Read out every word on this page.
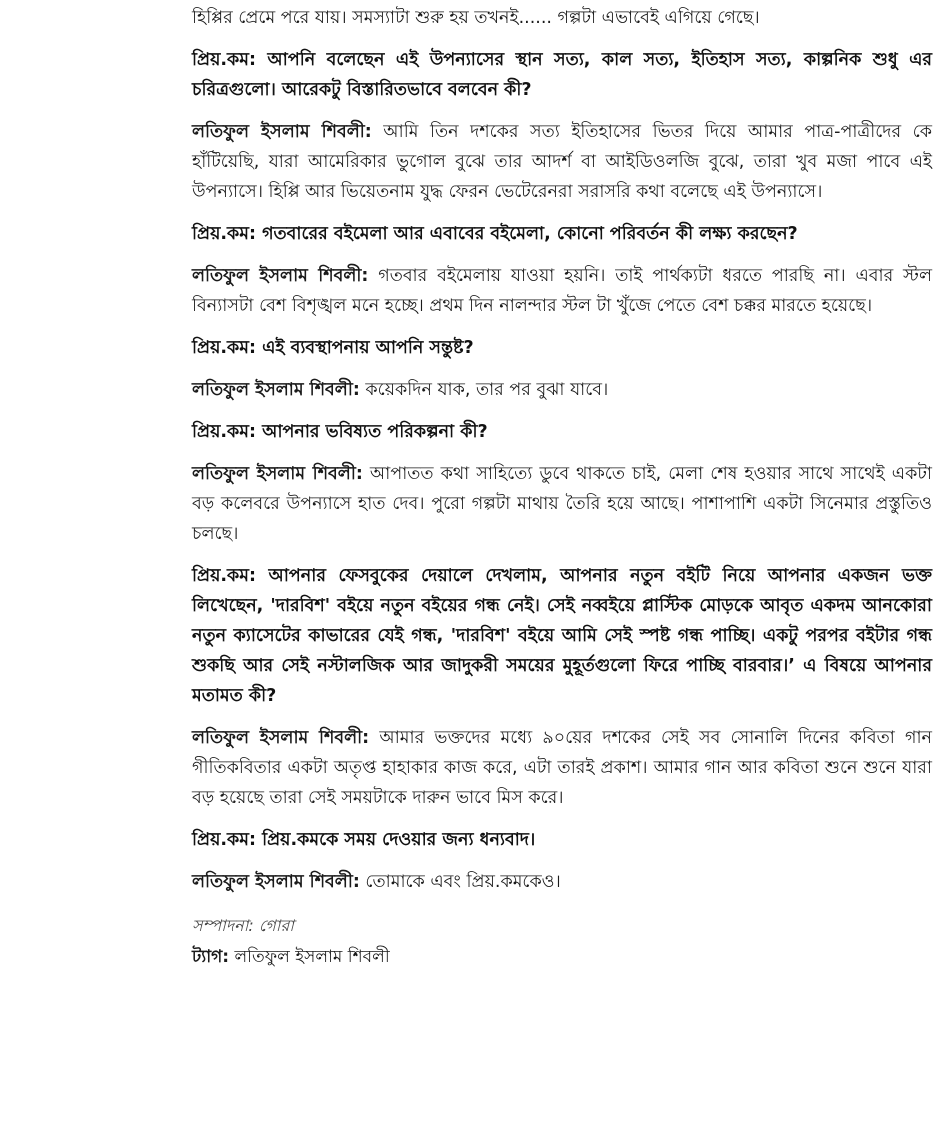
হিপ্পির প্রেমে পরে যায়। সমস্যাটা শুরু হয় তখনই...... গল্পটা এভাবেই এগিয়ে গেছে।

প্রিয়.কম: আপনি বলেছেন এই উপন্যাসের স্থান সত্য, কাল সত্য, ইতিহাস সত্য, কাল্পনিক শুধু এর চরিত্রগুলো। আরেকটু বিস্তারিতভাবে বলবেন কী?

লতিফুল ইসলাম শিবলী: আমি তিন দশকের সত্য ইতিহাসের ভিতর দিয়ে আমার পাত্র-পাত্রীদের কে হাঁটিয়েছি, যারা আমেরিকার ভুগোল বুঝে তার আদর্শ বা আইডিওলজি বুঝে, তারা খুব মজা পাবে এই উপন্যাসে। হিপ্পি আর ভিয়েতনাম যুদ্ধ ফেরন ভেটেরেনরা সরাসরি কথা বলেছে এই উপন্যাসে।

প্রিয়.কম: গতবারের বইমেলা আর এবাবের বইমেলা, কোনো পরিবর্তন কী লক্ষ্য করছেন?

লতিফুল ইসলাম শিবলী: গতবার বইমেলায় যাওয়া হয়নি। তাই পার্থক্যটা ধরতে পারছি না। এবার স্টল বিন্যাসটা বেশ বিশৃঙ্খল মনে হচ্ছে। প্রথম দিন নালন্দার স্টল টা খুঁজে পেতে বেশ চক্কর মারতে হয়েছে।

প্রিয়.কম: এই ব্যবস্থাপনায় আপনি সন্তুষ্ট?

লতিফুল ইসলাম শিবলী: কয়েকদিন যাক, তার পর বুঝা যাবে।

প্রিয়.কম: আপনার ভবিষ্যত পরিকল্পনা কী?

লতিফুল ইসলাম শিবলী: আপাতত কথা সাহিত্যে ডুবে থাকতে চাই, মেলা শেষ হওয়ার সাথে সাথেই একটা বড় কলেবরে উপন্যাসে হাত দেব। পুরো গল্পটা মাথায় তৈরি হয়ে আছে। পাশাপাশি একটা সিনেমার প্রস্তুতিও চলছে।

প্রিয়.কম: আপনার ফেসবুকের দেয়ালে দেখলাম, আপনার নতুন বইটি নিয়ে আপনার একজন ভক্ত লিখেছেন, 'দারবিশ' বইয়ে নতুন বইয়ের গন্ধ নেই। সেই নব্বইয়ে প্লাস্টিক মোড়কে আবৃত একদম আনকোরা নতুন ক্যাসেটের কাভারের যেই গন্ধ, 'দারবিশ' বইয়ে আমি সেই স্পষ্ট গন্ধ পাচ্ছি। একটু পরপর বইটার গন্ধ শুকছি আর সেই নস্টালজিক আর জাদুকরী সময়ের মুহূর্তগুলো ফিরে পাচ্ছি বারবার।’ এ বিষয়ে আপনার মতামত কী?

লতিফুল ইসলাম শিবলী: আমার ভক্তদের মধ্যে ৯০য়ের দশকের সেই সব সোনালি দিনের কবিতা গান গীতিকবিতার একটা অতৃপ্ত হাহাকার কাজ করে, এটা তারই প্রকাশ। আমার গান আর কবিতা শুনে শুনে যারা বড় হয়েছে তারা সেই সময়টাকে দারুন ভাবে মিস করে।

প্রিয়.কম: প্রিয়.কমকে সময় দেওয়ার জন্য ধন্যবাদ।

লতিফুল ইসলাম শিবলী: তোমাকে এবং প্রিয়.কমকেও।

সম্পাদনা: গোরা

ট্যাগ: লতিফুল ইসলাম শিবলী
